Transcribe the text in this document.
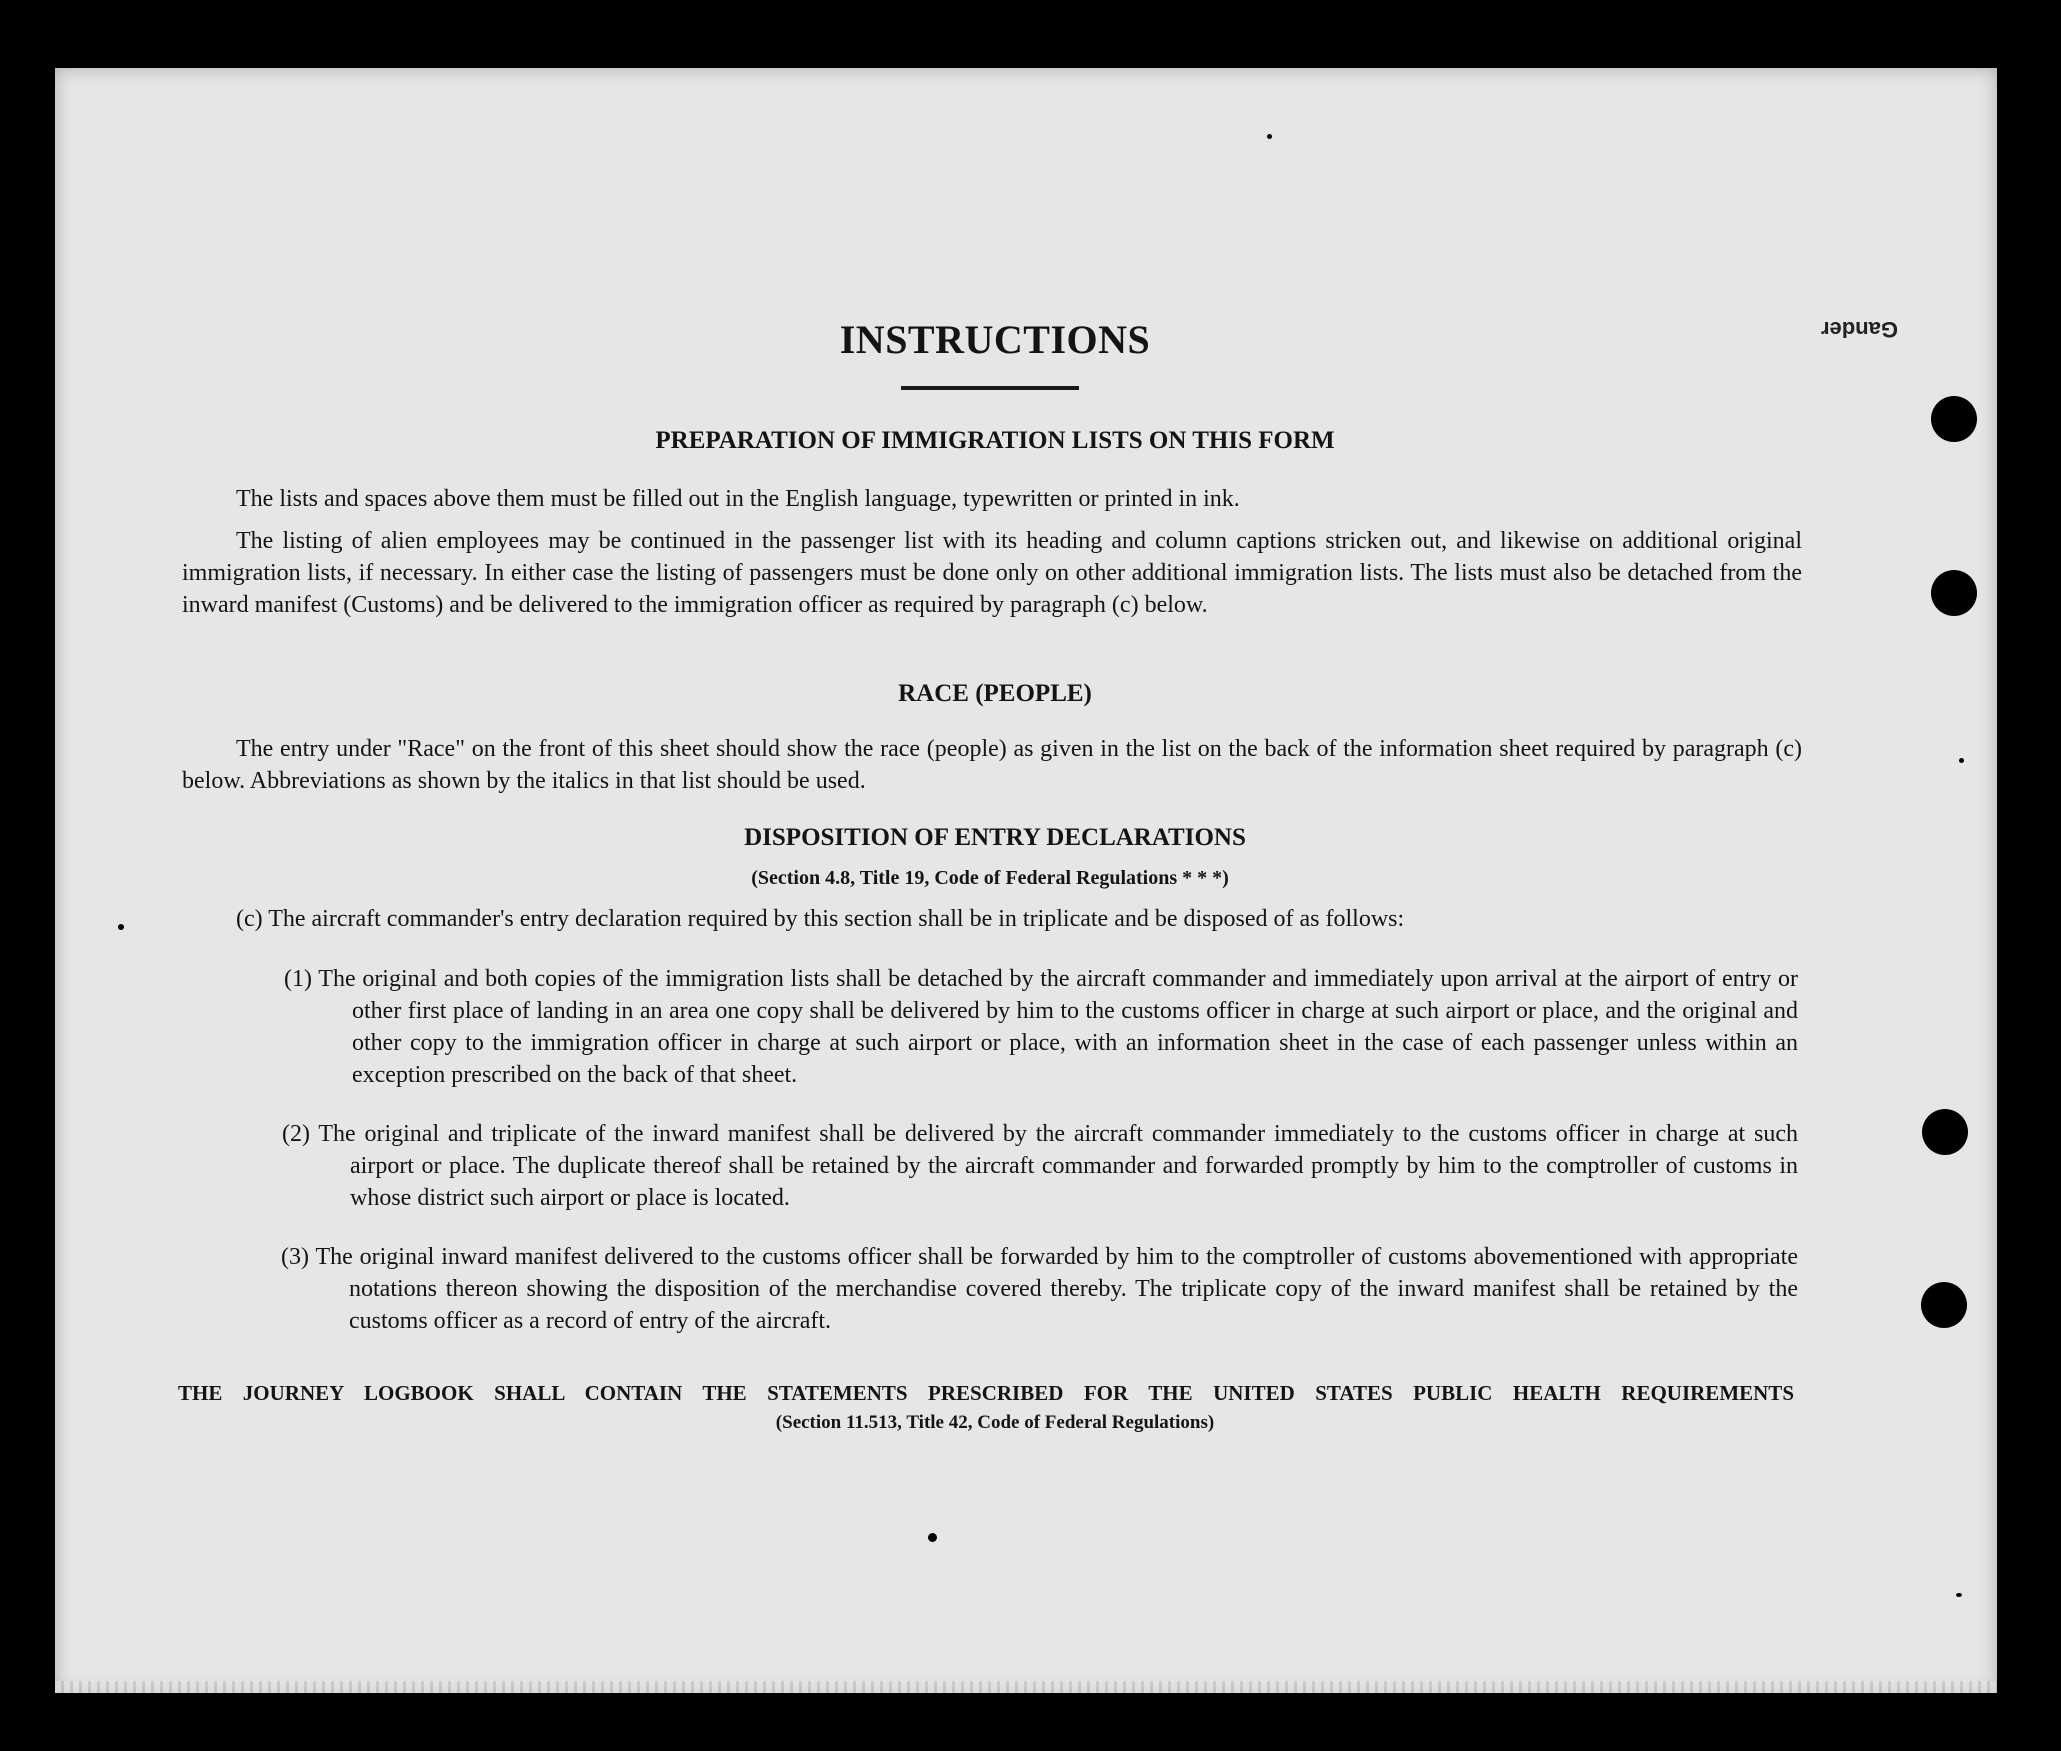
Gander
INSTRUCTIONS
PREPARATION OF IMMIGRATION LISTS ON THIS FORM
The lists and spaces above them must be filled out in the English language, typewritten or printed in ink.
The listing of alien employees may be continued in the passenger list with its heading and column captions stricken out, and likewise on additional original immigration lists, if necessary. In either case the listing of passengers must be done only on other additional immigration lists. The lists must also be detached from the inward manifest (Customs) and be delivered to the immigration officer as required by paragraph (c) below.
RACE (PEOPLE)
The entry under "Race" on the front of this sheet should show the race (people) as given in the list on the back of the information sheet required by paragraph (c) below. Abbreviations as shown by the italics in that list should be used.
DISPOSITION OF ENTRY DECLARATIONS
(Section 4.8, Title 19, Code of Federal Regulations * * *)
(c) The aircraft commander's entry declaration required by this section shall be in triplicate and be disposed of as follows:
(1) The original and both copies of the immigration lists shall be detached by the aircraft commander and immediately upon arrival at the airport of entry or other first place of landing in an area one copy shall be delivered by him to the customs officer in charge at such airport or place, and the original and other copy to the immigration officer in charge at such airport or place, with an information sheet in the case of each passenger unless within an exception prescribed on the back of that sheet.
(2) The original and triplicate of the inward manifest shall be delivered by the aircraft commander immediately to the customs officer in charge at such airport or place. The duplicate thereof shall be retained by the aircraft commander and forwarded promptly by him to the comptroller of customs in whose district such airport or place is located.
(3) The original inward manifest delivered to the customs officer shall be forwarded by him to the comptroller of customs abovementioned with appropriate notations thereon showing the disposition of the merchandise covered thereby. The triplicate copy of the inward manifest shall be retained by the customs officer as a record of entry of the aircraft.
THE JOURNEY LOGBOOK SHALL CONTAIN THE STATEMENTS PRESCRIBED FOR THE UNITED STATES PUBLIC HEALTH REQUIREMENTS
(Section 11.513, Title 42, Code of Federal Regulations)
